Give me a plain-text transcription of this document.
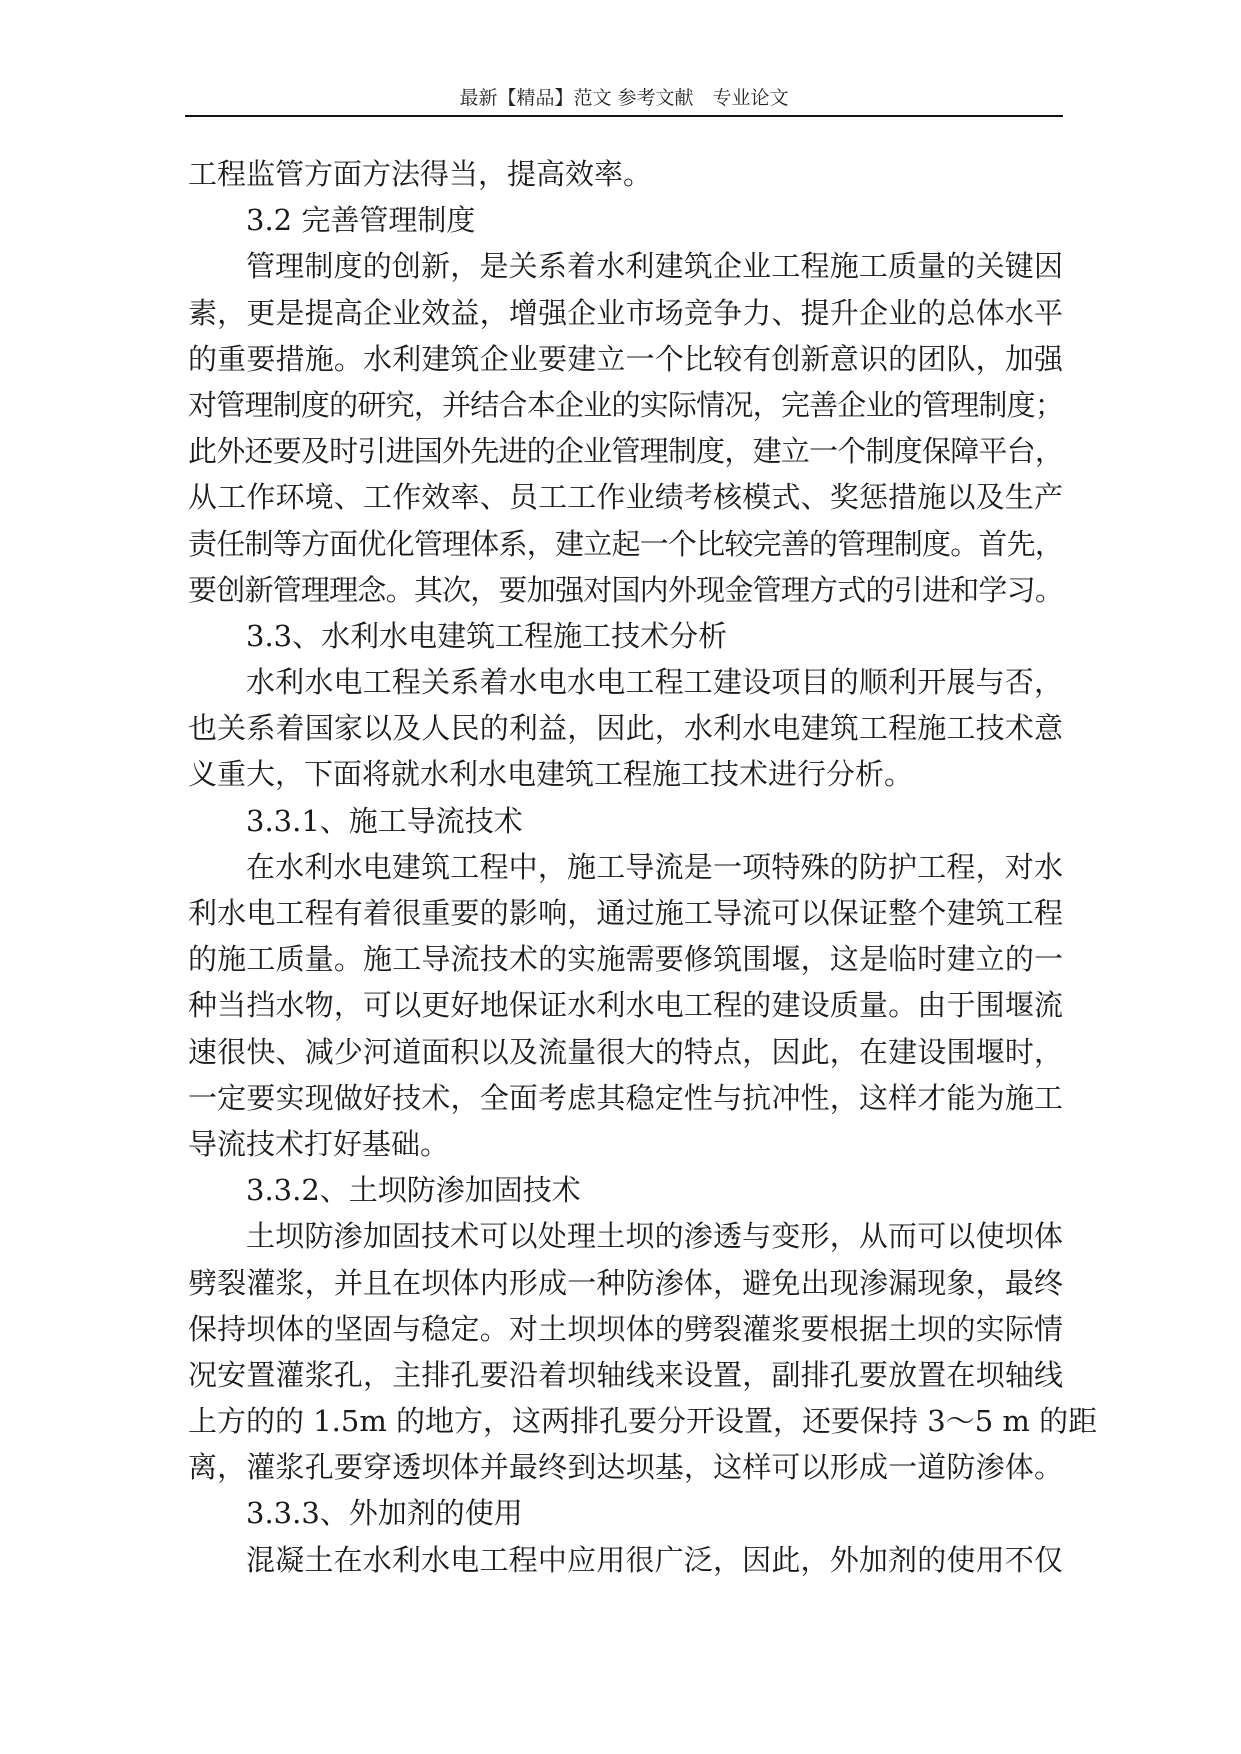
最新【精品】范文 参考文献　专业论文
工程监管方面方法得当，提高效率。
3.2 完善管理制度
管理制度的创新，是关系着水利建筑企业工程施工质量的关键因
素，更是提高企业效益，增强企业市场竞争力、提升企业的总体水平
的重要措施。水利建筑企业要建立一个比较有创新意识的团队，加强
对管理制度的研究，并结合本企业的实际情况，完善企业的管理制度；
此外还要及时引进国外先进的企业管理制度，建立一个制度保障平台，
从工作环境、工作效率、员工工作业绩考核模式、奖惩措施以及生产
责任制等方面优化管理体系，建立起一个比较完善的管理制度。首先，
要创新管理理念。其次，要加强对国内外现金管理方式的引进和学习。
3.3、水利水电建筑工程施工技术分析
水利水电工程关系着水电水电工程工建设项目的顺利开展与否，
也关系着国家以及人民的利益，因此，水利水电建筑工程施工技术意
义重大，下面将就水利水电建筑工程施工技术进行分析。
3.3.1、施工导流技术
在水利水电建筑工程中，施工导流是一项特殊的防护工程，对水
利水电工程有着很重要的影响，通过施工导流可以保证整个建筑工程
的施工质量。施工导流技术的实施需要修筑围堰，这是临时建立的一
种当挡水物，可以更好地保证水利水电工程的建设质量。由于围堰流
速很快、减少河道面积以及流量很大的特点，因此，在建设围堰时，
一定要实现做好技术，全面考虑其稳定性与抗冲性，这样才能为施工
导流技术打好基础。
3.3.2、土坝防渗加固技术
土坝防渗加固技术可以处理土坝的渗透与变形，从而可以使坝体
劈裂灌浆，并且在坝体内形成一种防渗体，避免出现渗漏现象，最终
保持坝体的坚固与稳定。对土坝坝体的劈裂灌浆要根据土坝的实际情
况安置灌浆孔，主排孔要沿着坝轴线来设置，副排孔要放置在坝轴线
上方的的 1.5m 的地方，这两排孔要分开设置，还要保持 3～5 m 的距
离，灌浆孔要穿透坝体并最终到达坝基，这样可以形成一道防渗体。
3.3.3、外加剂的使用
混凝土在水利水电工程中应用很广泛，因此，外加剂的使用不仅
